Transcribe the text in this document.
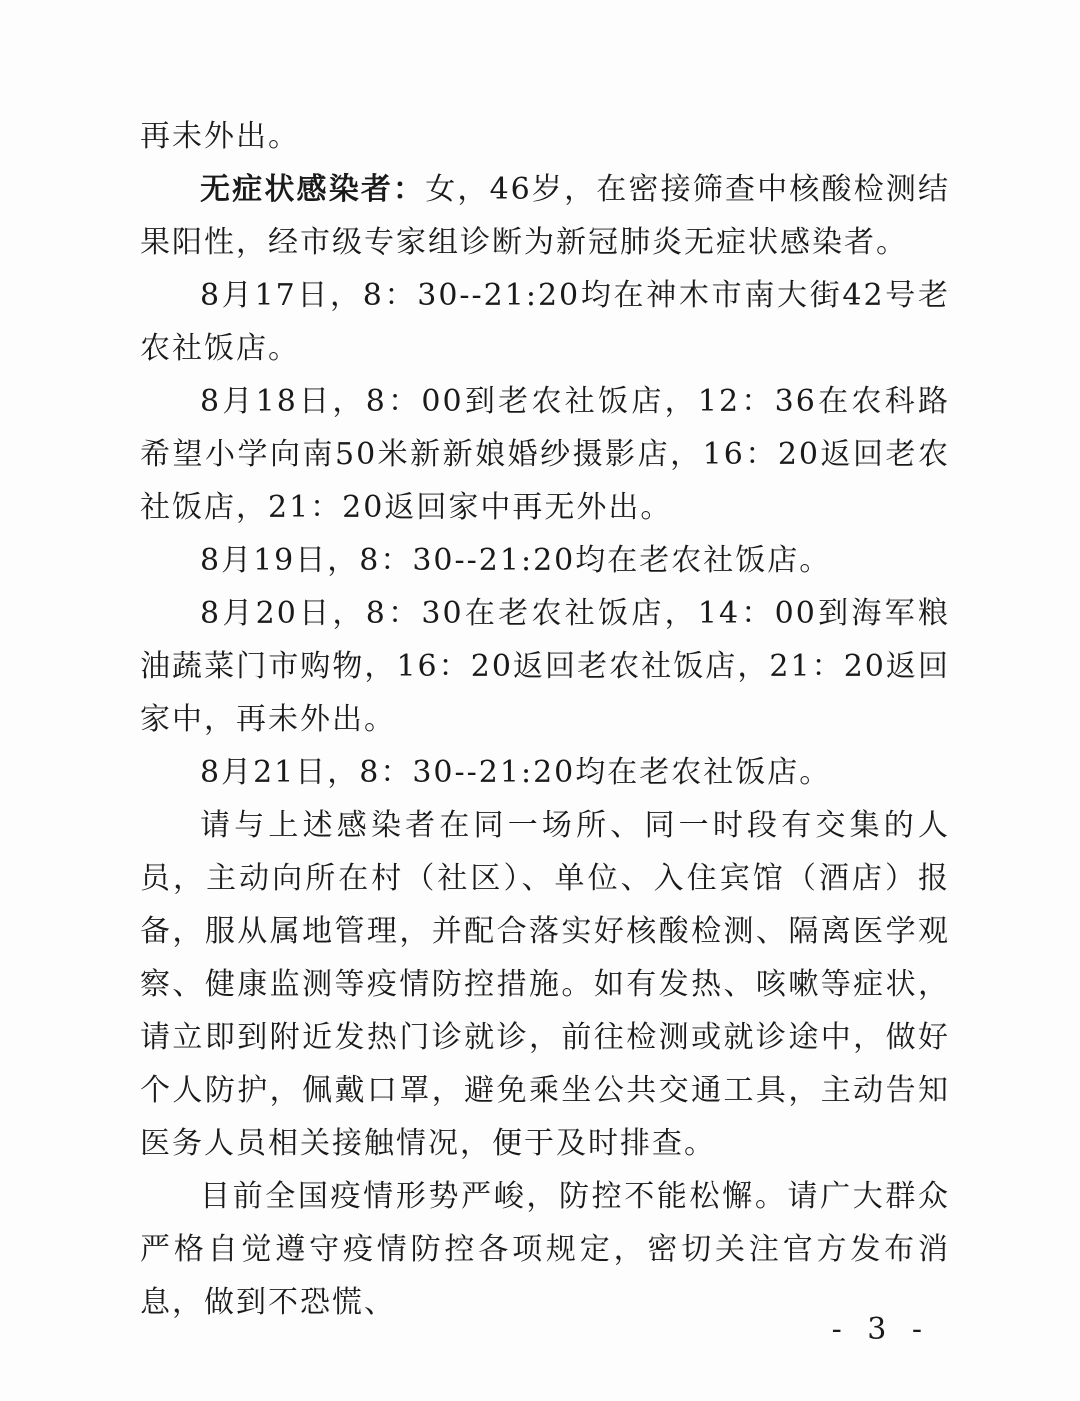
再未外出。

无症状感染者：女，46岁，在密接筛查中核酸检测结果阳性，经市级专家组诊断为新冠肺炎无症状感染者。

8月17日，8：30--21:20均在神木市南大街42号老农社饭店。

8月18日，8：00到老农社饭店，12：36在农科路希望小学向南50米新新娘婚纱摄影店，16：20返回老农社饭店，21：20返回家中再无外出。

8月19日，8：30--21:20均在老农社饭店。

8月20日，8：30在老农社饭店，14：00到海军粮油蔬菜门市购物，16：20返回老农社饭店，21：20返回家中，再未外出。

8月21日，8：30--21:20均在老农社饭店。

请与上述感染者在同一场所、同一时段有交集的人员，主动向所在村（社区）、单位、入住宾馆（酒店）报备，服从属地管理，并配合落实好核酸检测、隔离医学观察、健康监测等疫情防控措施。如有发热、咳嗽等症状，请立即到附近发热门诊就诊，前往检测或就诊途中，做好个人防护，佩戴口罩，避免乘坐公共交通工具，主动告知医务人员相关接触情况，便于及时排查。

目前全国疫情形势严峻，防控不能松懈。请广大群众严格自觉遵守疫情防控各项规定，密切关注官方发布消息，做到不恐慌、

- 3 -
